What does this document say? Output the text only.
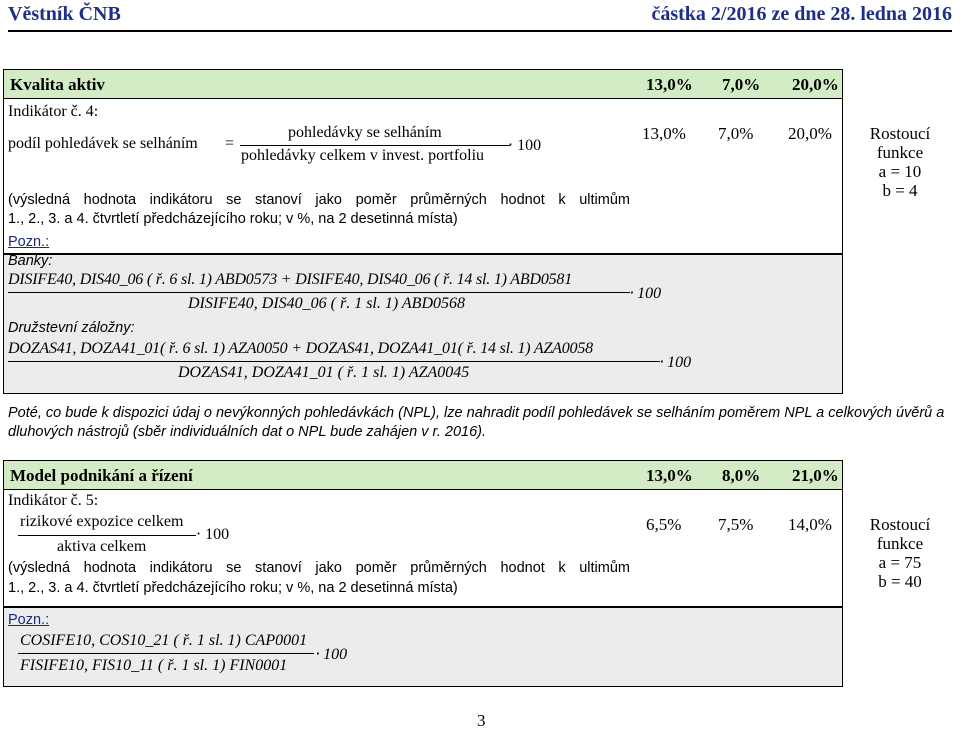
Věstník ČNB	částka 2/2016 ze dne 28. ledna 2016
Kvalita aktiv	13,0% 7,0% 20,0%
Indikátor č. 4:
podíl pohledávek se selháním =
pohledávky se selháním
pohledávky celkem v invest. portfoliu
⋅ 100
13,0% 7,0% 20,0%	Rostoucí
funkce
a = 10
b = 4
(výsledná hodnota indikátoru se stanoví jako poměr průměrných hodnot k ultimům
1., 2., 3. a 4. čtvrtletí předcházejícího roku; v %, na 2 desetinná místa)
Pozn.:
Banky:
DISIFE40, DIS40_06 ( ř. 6 sl. 1) ABD0573 + DISIFE40, DIS40_06 ( ř. 14 sl. 1) ABD0581
DISIFE40, DIS40_06 ( ř. 1 sl. 1) ABD0568
⋅ 100
Družstevní záložny:
DOZAS41, DOZA41_01( ř. 6 sl. 1) AZA0050 + DOZAS41, DOZA41_01( ř. 14 sl. 1) AZA0058
DOZAS41, DOZA41_01 ( ř. 1 sl. 1) AZA0045
⋅ 100
Poté, co bude k dispozici údaj o nevýkonných pohledávkách (NPL), lze nahradit podíl pohledávek se selháním poměrem NPL a celkových úvěrů a dluhových nástrojů (sběr individuálních dat o NPL bude zahájen v r. 2016).
Model podnikání a řízení	13,0% 8,0% 21,0%
Indikátor č. 5:
rizikové expozice celkem
aktiva celkem
⋅ 100
6,5% 7,5% 14,0%	Rostoucí
funkce
a = 75
b = 40
(výsledná hodnota indikátoru se stanoví jako poměr průměrných hodnot k ultimům
1., 2., 3. a 4. čtvrtletí předcházejícího roku; v %, na 2 desetinná místa)
Pozn.:
COSIFE10, COS10_21 ( ř. 1 sl. 1) CAP0001
FISIFE10, FIS10_11 ( ř. 1 sl. 1) FIN0001
⋅ 100
3
